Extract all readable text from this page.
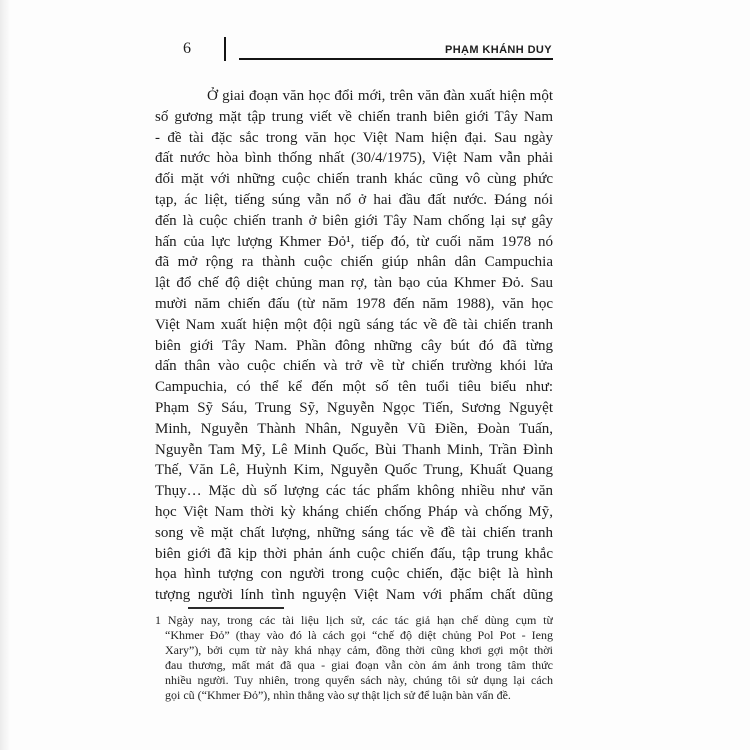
6	PHẠM KHÁNH DUY
Ở giai đoạn văn học đổi mới, trên văn đàn xuất hiện một
số gương mặt tập trung viết về chiến tranh biên giới Tây Nam
- đề tài đặc sắc trong văn học Việt Nam hiện đại. Sau ngày
đất nước hòa bình thống nhất (30/4/1975), Việt Nam vẫn phải
đối mặt với những cuộc chiến tranh khác cũng vô cùng phức
tạp, ác liệt, tiếng súng vẫn nổ ở hai đầu đất nước. Đáng nói
đến là cuộc chiến tranh ở biên giới Tây Nam chống lại sự gây
hấn của lực lượng Khmer Đỏ¹, tiếp đó, từ cuối năm 1978 nó
đã mở rộng ra thành cuộc chiến giúp nhân dân Campuchia
lật đổ chế độ diệt chủng man rợ, tàn bạo của Khmer Đỏ. Sau
mười năm chiến đấu (từ năm 1978 đến năm 1988), văn học
Việt Nam xuất hiện một đội ngũ sáng tác về đề tài chiến tranh
biên giới Tây Nam. Phần đông những cây bút đó đã từng
dấn thân vào cuộc chiến và trở về từ chiến trường khói lửa
Campuchia, có thể kể đến một số tên tuổi tiêu biểu như:
Phạm Sỹ Sáu, Trung Sỹ, Nguyễn Ngọc Tiến, Sương Nguyệt
Minh, Nguyễn Thành Nhân, Nguyễn Vũ Điền, Đoàn Tuấn,
Nguyễn Tam Mỹ, Lê Minh Quốc, Bùi Thanh Minh, Trần Đình
Thế, Văn Lê, Huỳnh Kim, Nguyễn Quốc Trung, Khuất Quang
Thụy… Mặc dù số lượng các tác phẩm không nhiều như văn
học Việt Nam thời kỳ kháng chiến chống Pháp và chống Mỹ,
song về mặt chất lượng, những sáng tác về đề tài chiến tranh
biên giới đã kịp thời phản ánh cuộc chiến đấu, tập trung khắc
họa hình tượng con người trong cuộc chiến, đặc biệt là hình
tượng người lính tình nguyện Việt Nam với phẩm chất dũng
1 Ngày nay, trong các tài liệu lịch sử, các tác giả hạn chế dùng cụm từ
“Khmer Đỏ” (thay vào đó là cách gọi “chế độ diệt chủng Pol Pot - Ieng
Xary”), bởi cụm từ này khá nhạy cảm, đồng thời cũng khơi gợi một thời
đau thương, mất mát đã qua - giai đoạn vẫn còn ám ảnh trong tâm thức
nhiều người. Tuy nhiên, trong quyển sách này, chúng tôi sử dụng lại cách
gọi cũ (“Khmer Đỏ”), nhìn thẳng vào sự thật lịch sử để luận bàn vấn đề.
